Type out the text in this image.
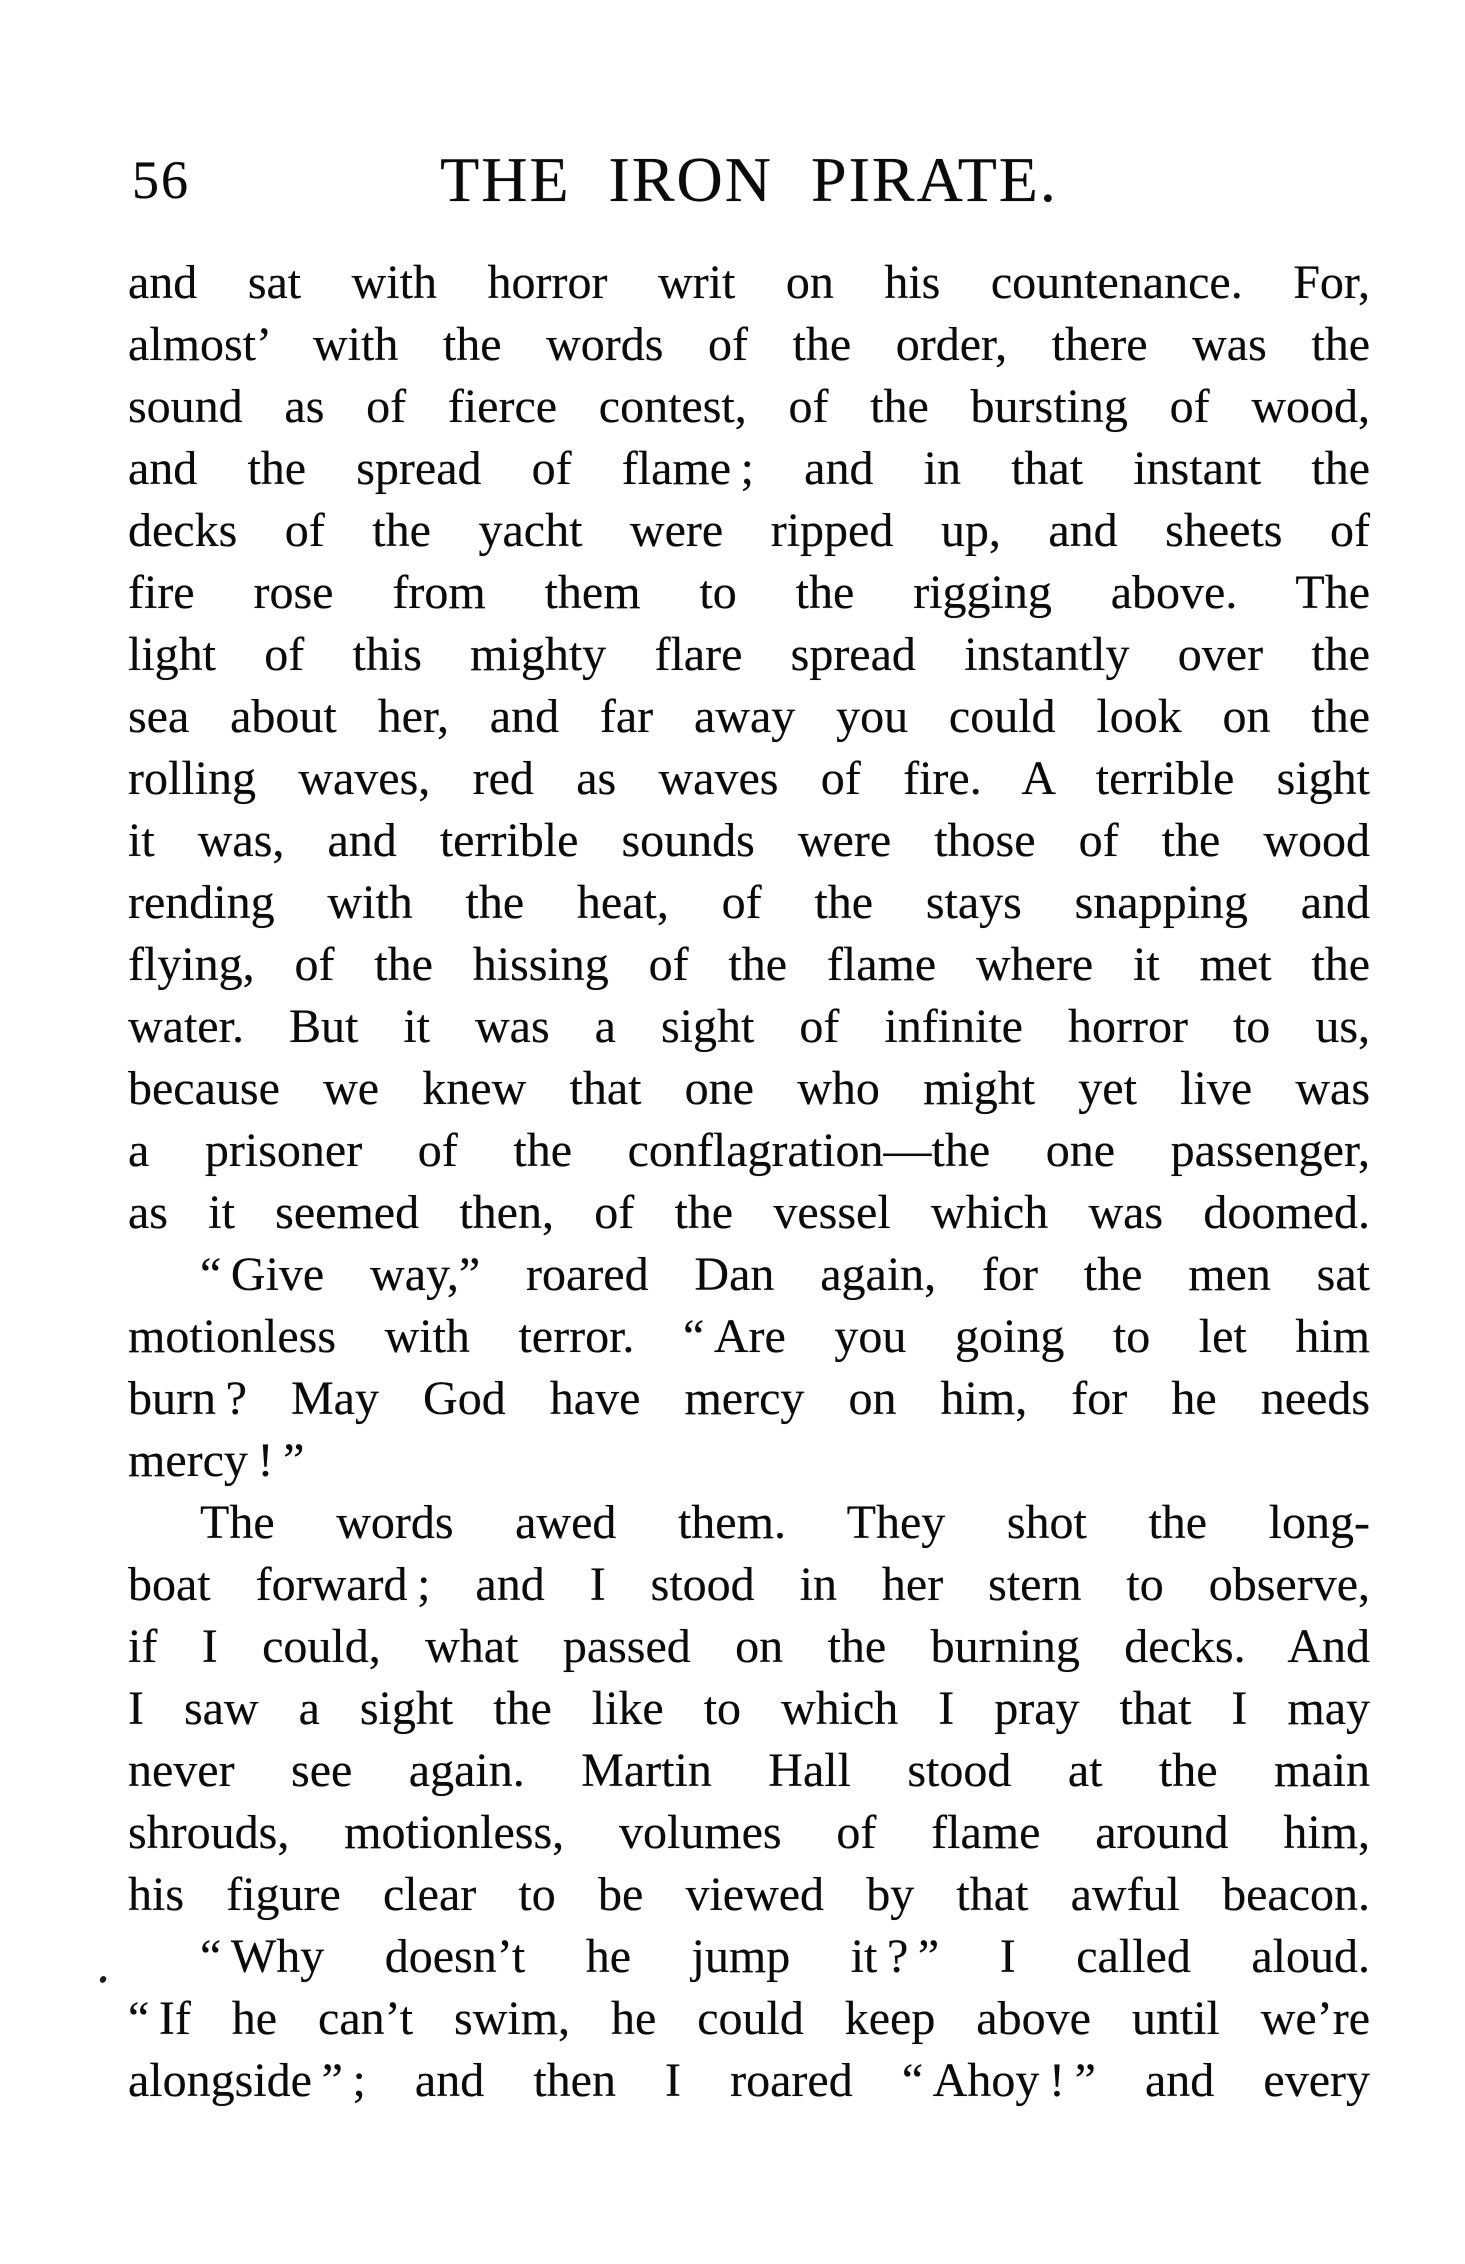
56	THE IRON PIRATE.
and sat with horror writ on his countenance. For,
almost’ with the words of the order, there was the
sound as of fierce contest, of the bursting of wood,
and the spread of flame ; and in that instant the
decks of the yacht were ripped up, and sheets of
fire rose from them to the rigging above. The
light of this mighty flare spread instantly over the
sea about her, and far away you could look on the
rolling waves, red as waves of fire. A terrible sight
it was, and terrible sounds were those of the wood
rending with the heat, of the stays snapping and
flying, of the hissing of the flame where it met the
water. But it was a sight of infinite horror to us,
because we knew that one who might yet live was
a prisoner of the conflagration—the one passenger,
as it seemed then, of the vessel which was doomed.
“ Give way,” roared Dan again, for the men sat
motionless with terror. “ Are you going to let him
burn ? May God have mercy on him, for he needs
mercy ! ”
The words awed them. They shot the long-
boat forward ; and I stood in her stern to observe,
if I could, what passed on the burning decks. And
I saw a sight the like to which I pray that I may
never see again. Martin Hall stood at the main
shrouds, motionless, volumes of flame around him,
his figure clear to be viewed by that awful beacon.
“ Why doesn’t he jump it ? ” I called aloud.
“ If he can’t swim, he could keep above until we’re
alongside ” ; and then I roared “ Ahoy ! ” and every
